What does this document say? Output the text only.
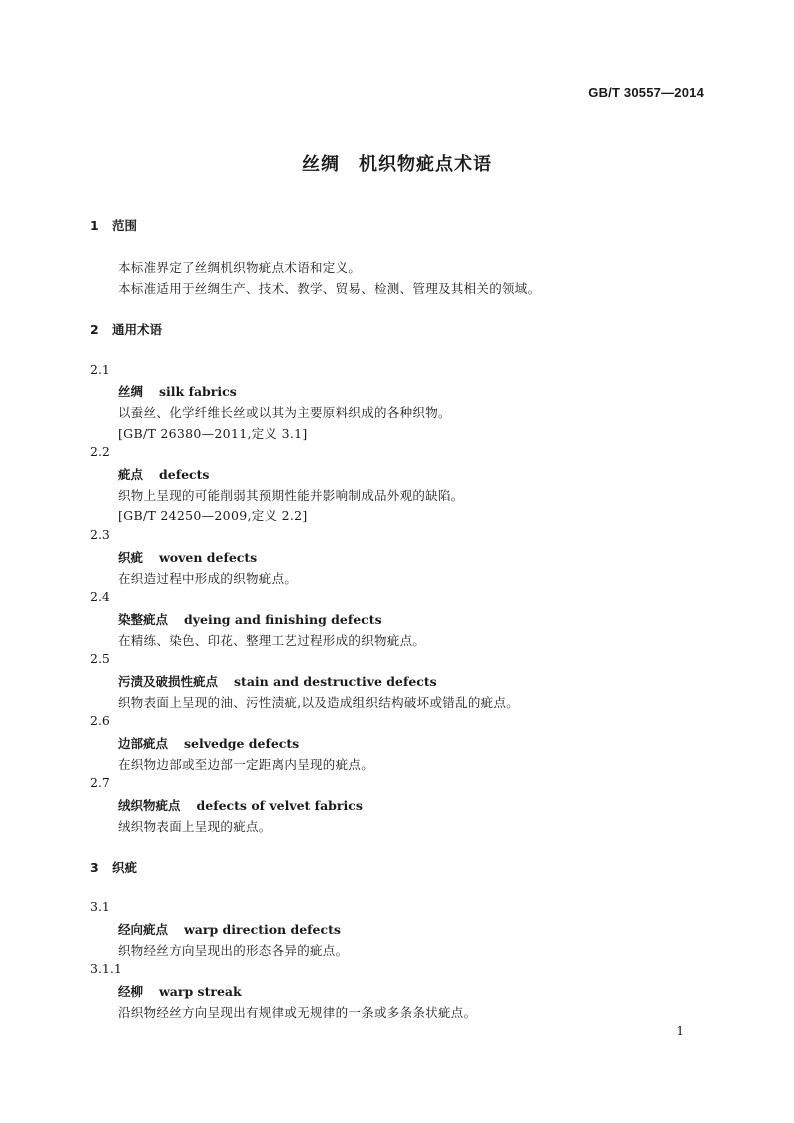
GB/T 30557—2014
丝绸　机织物疵点术语
1 范围
本标准界定了丝绸机织物疵点术语和定义。
本标准适用于丝绸生产、技术、教学、贸易、检测、管理及其相关的领域。
2 通用术语
2.1
丝绸 silk fabrics
以蚕丝、化学纤维长丝或以其为主要原料织成的各种织物。
[GB/T 26380—2011,定义 3.1]
2.2
疵点 defects
织物上呈现的可能削弱其预期性能并影响制成品外观的缺陷。
[GB/T 24250—2009,定义 2.2]
2.3
织疵 woven defects
在织造过程中形成的织物疵点。
2.4
染整疵点 dyeing and finishing defects
在精练、染色、印花、整理工艺过程形成的织物疵点。
2.5
污渍及破损性疵点 stain and destructive defects
织物表面上呈现的油、污性渍疵,以及造成组织结构破坏或错乱的疵点。
2.6
边部疵点 selvedge defects
在织物边部或至边部一定距离内呈现的疵点。
2.7
绒织物疵点 defects of velvet fabrics
绒织物表面上呈现的疵点。
3 织疵
3.1
经向疵点 warp direction defects
织物经丝方向呈现出的形态各异的疵点。
3.1.1
经柳 warp streak
沿织物经丝方向呈现出有规律或无规律的一条或多条条状疵点。
1
